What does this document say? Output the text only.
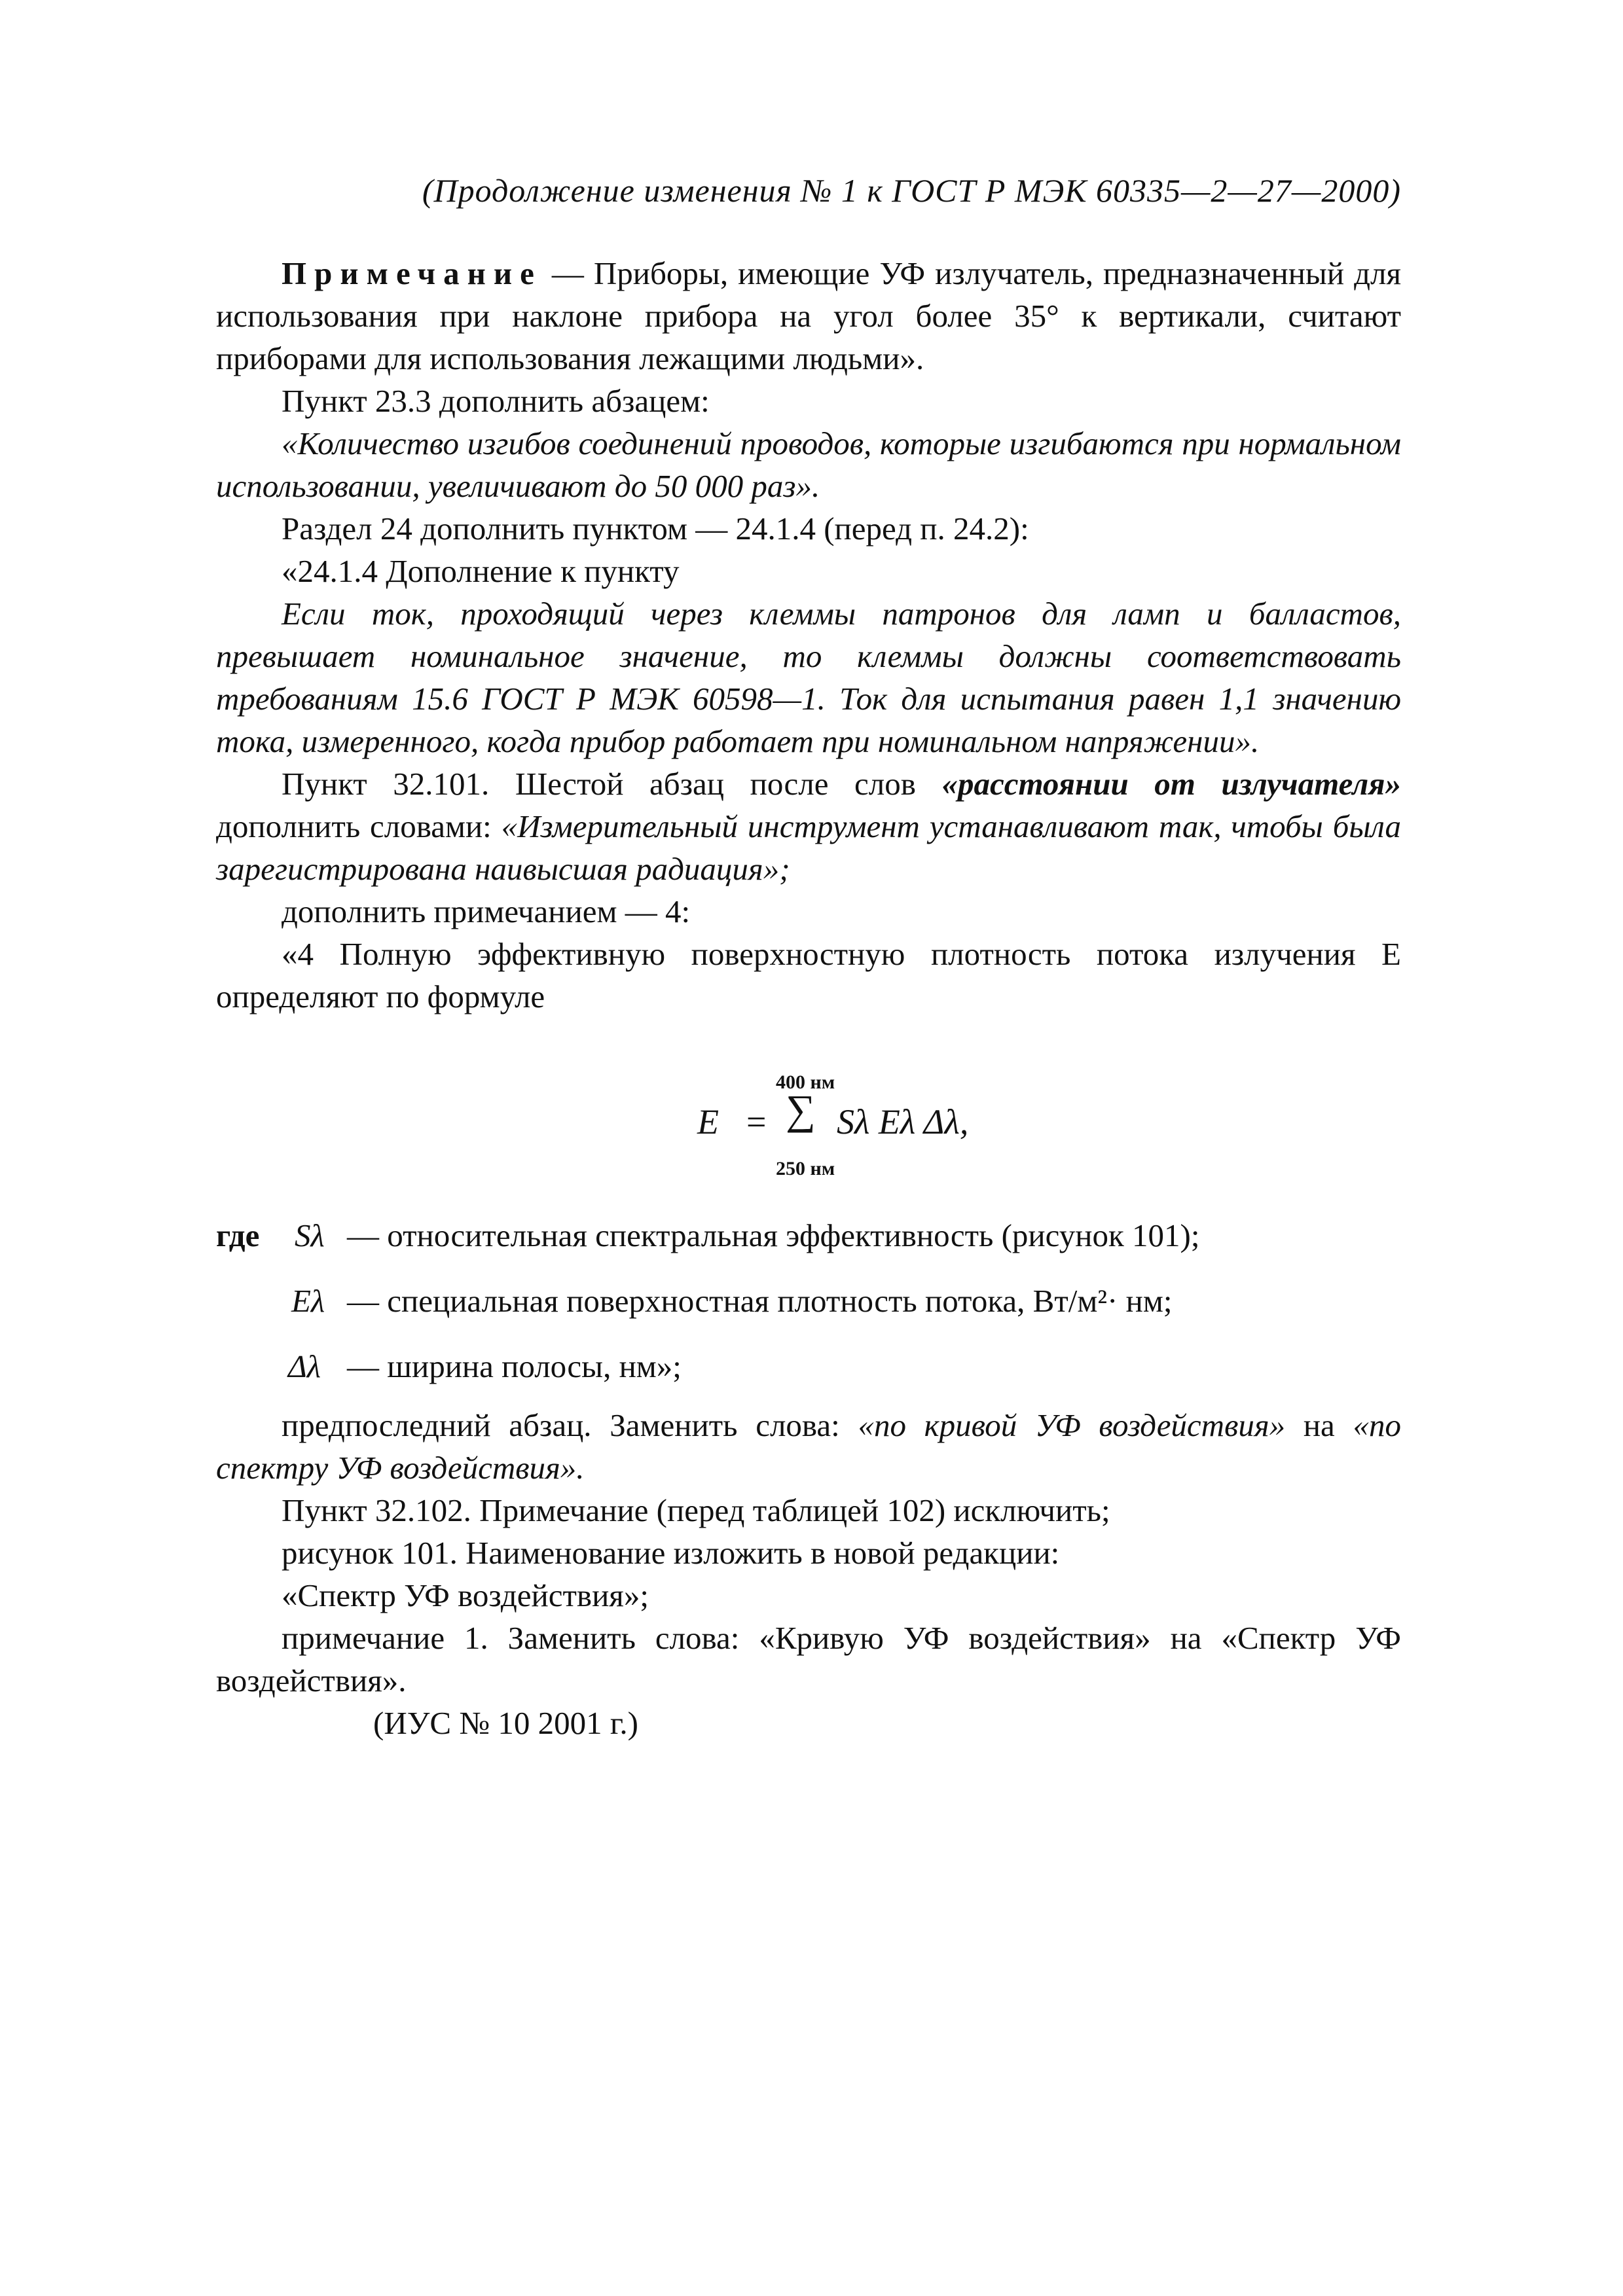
(Продолжение изменения № 1 к ГОСТ Р МЭК 60335—2—27—2000)

Примечание — Приборы, имеющие УФ излучатель, предназначенный для использования при наклоне прибора на угол более 35° к вертикали, считают приборами для использования лежащими людьми».

Пункт 23.3 дополнить абзацем:

«Количество изгибов соединений проводов, которые изгибаются при нормальном использовании, увеличивают до 50 000 раз».

Раздел 24 дополнить пунктом — 24.1.4 (перед п. 24.2):

«24.1.4 Дополнение к пункту

Если ток, проходящий через клеммы патронов для ламп и балластов, превышает номинальное значение, то клеммы должны соответствовать требованиям 15.6 ГОСТ Р МЭК 60598—1. Ток для испытания равен 1,1 значению тока, измеренного, когда прибор работает при номинальном напряжении».

Пункт 32.101. Шестой абзац после слов «расстоянии от излучателя» дополнить словами: «Измерительный инструмент устанавливают так, чтобы была зарегистрирована наивысшая радиация»;

дополнить примечанием — 4:

«4 Полную эффективную поверхностную плотность потока излучения E определяют по формуле

E =
400 нм
∑
250 нм
Sλ Eλ Δλ,
где Sλ — относительная спектральная эффективность (рисунок 101);
Eλ — специальная поверхностная плотность потока, Вт/м²· нм;
Δλ — ширина полосы, нм»;

предпоследний абзац. Заменить слова: «по кривой УФ воздействия» на «по спектру УФ воздействия».

Пункт 32.102. Примечание (перед таблицей 102) исключить;

рисунок 101. Наименование изложить в новой редакции:

«Спектр УФ воздействия»;

примечание 1. Заменить слова: «Кривую УФ воздействия» на «Спектр УФ воздействия».

(ИУС № 10 2001 г.)
